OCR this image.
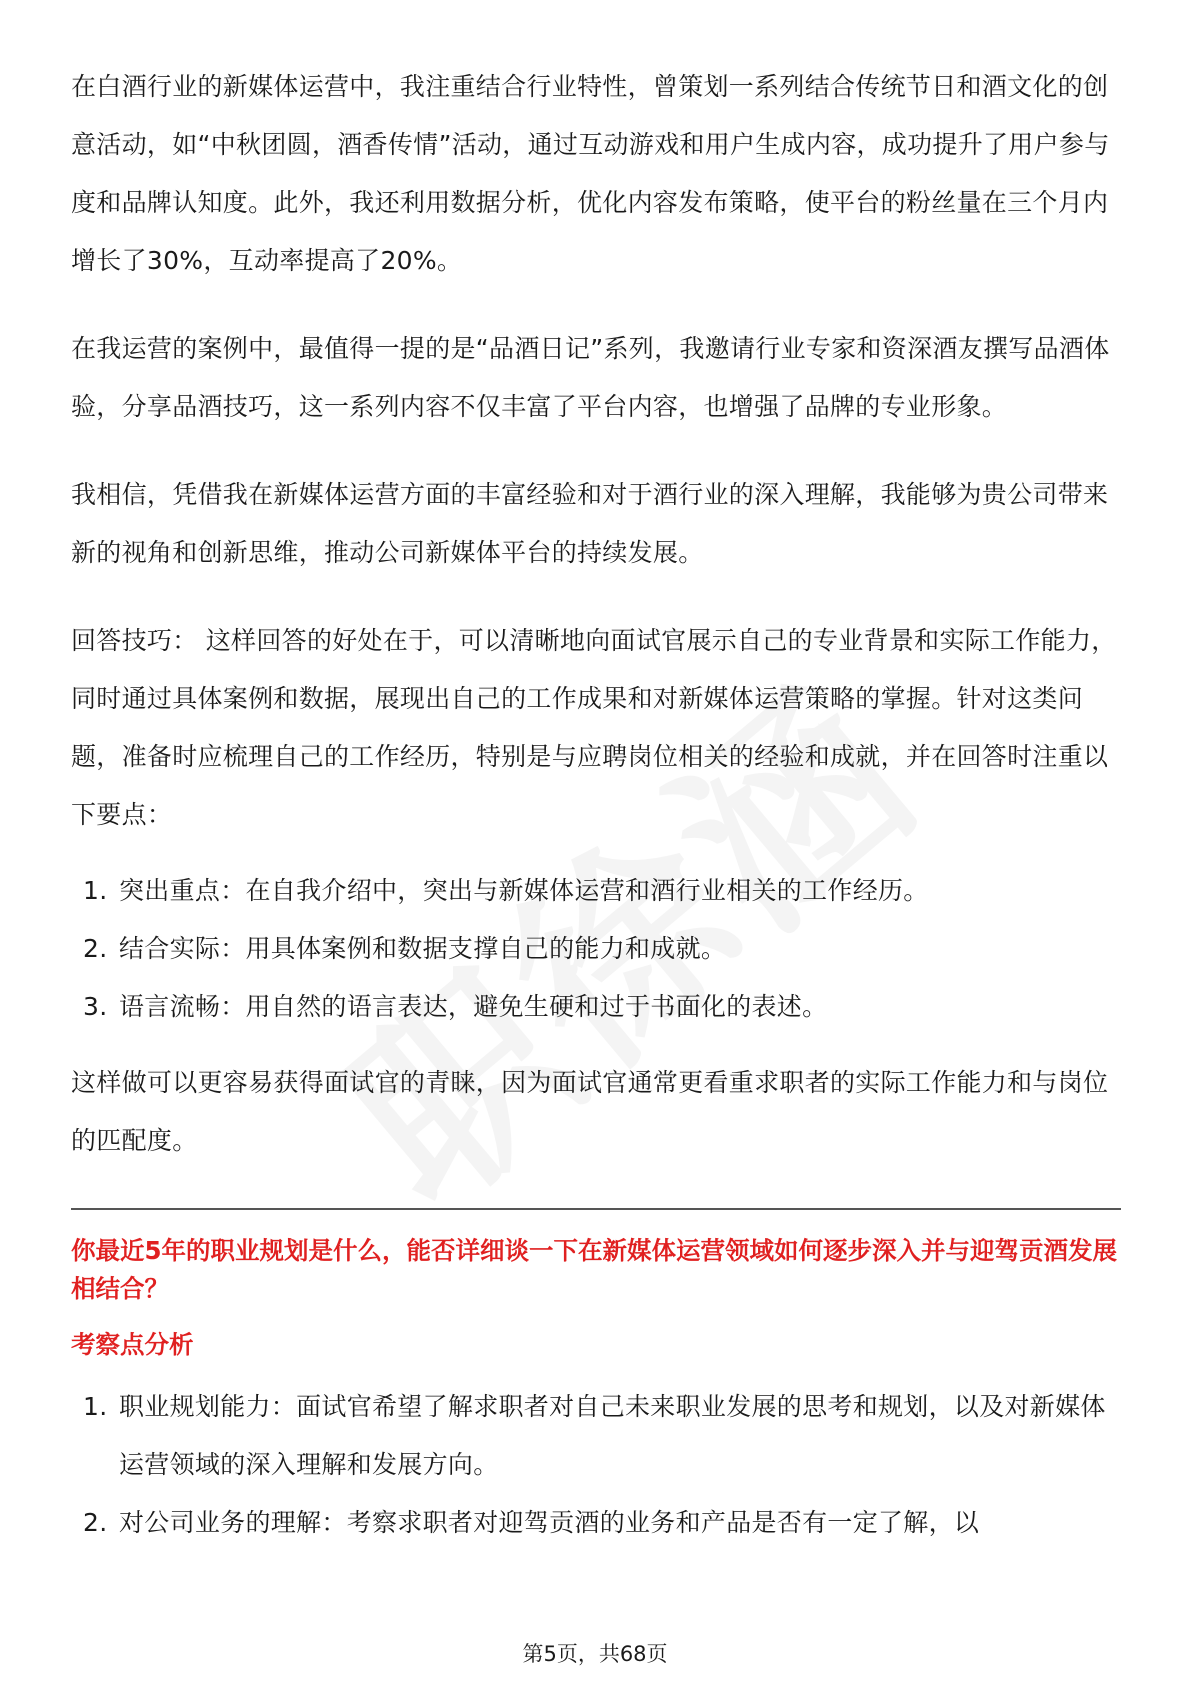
在白酒行业的新媒体运营中，我注重结合行业特性，曾策划一系列结合传统节日和酒文化的创意活动，如“中秋团圆，酒香传情”活动，通过互动游戏和用户生成内容，成功提升了用户参与度和品牌认知度。此外，我还利用数据分析，优化内容发布策略，使平台的粉丝量在三个月内增长了30%，互动率提高了20%。

在我运营的案例中，最值得一提的是“品酒日记”系列，我邀请行业专家和资深酒友撰写品酒体验，分享品酒技巧，这一系列内容不仅丰富了平台内容，也增强了品牌的专业形象。

我相信，凭借我在新媒体运营方面的丰富经验和对于酒行业的深入理解，我能够为贵公司带来新的视角和创新思维，推动公司新媒体平台的持续发展。

回答技巧： 这样回答的好处在于，可以清晰地向面试官展示自己的专业背景和实际工作能力，同时通过具体案例和数据，展现出自己的工作成果和对新媒体运营策略的掌握。针对这类问题，准备时应梳理自己的工作经历，特别是与应聘岗位相关的经验和成就，并在回答时注重以下要点：

1. 突出重点：在自我介绍中，突出与新媒体运营和酒行业相关的工作经历。
2. 结合实际：用具体案例和数据支撑自己的能力和成就。
3. 语言流畅：用自然的语言表达，避免生硬和过于书面化的表述。

这样做可以更容易获得面试官的青睐，因为面试官通常更看重求职者的实际工作能力和与岗位的匹配度。

你最近5年的职业规划是什么，能否详细谈一下在新媒体运营领域如何逐步深入并与迎驾贡酒发展相结合？

考察点分析

1. 职业规划能力：面试官希望了解求职者对自己未来职业发展的思考和规划，以及对新媒体运营领域的深入理解和发展方向。
2. 对公司业务的理解：考察求职者对迎驾贡酒的业务和产品是否有一定了解，以
第5页，共68页
